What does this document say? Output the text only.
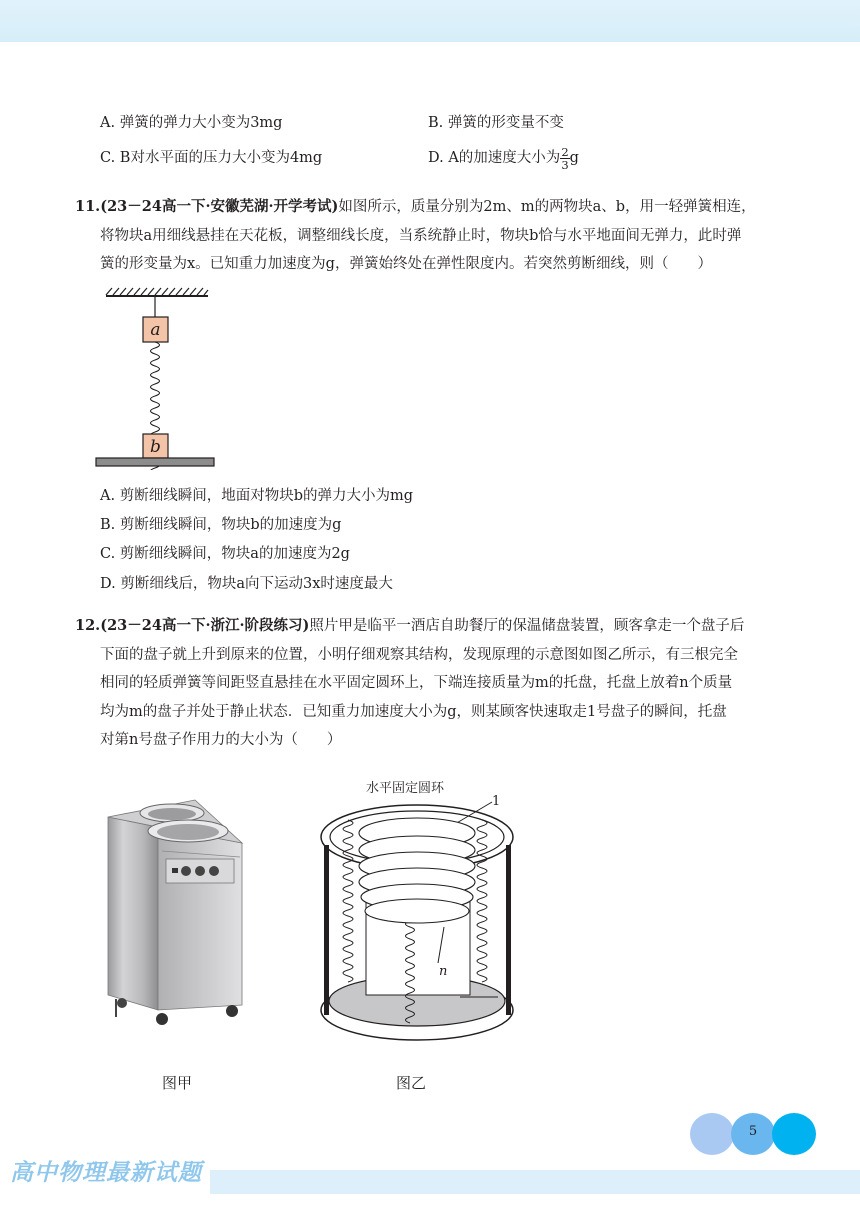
A. 弹簧的弹力大小变为3mg	B. 弹簧的形变量不变
C. B对水平面的压力大小变为4mg	D. A的加速度大小为 $\frac{2}{3}$ g
11.(23－24高一下·安徽芜湖·开学考试)如图所示，质量分别为2m、m的两物块a、b，用一轻弹簧相连，
将物块a用细线悬挂在天花板，调整细线长度，当系统静止时，物块b恰与水平地面间无弹力，此时弹
簧的形变量为x。已知重力加速度为g，弹簧始终处在弹性限度内。若突然剪断细线，则（　　）
a
b
A. 剪断细线瞬间，地面对物块b的弹力大小为mg
B. 剪断细线瞬间，物块b的加速度为g
C. 剪断细线瞬间，物块a的加速度为2g
D. 剪断细线后，物块a向下运动3x时速度最大
12.(23－24高一下·浙江·阶段练习)照片甲是临平一酒店自助餐厅的保温储盘装置，顾客拿走一个盘子后
下面的盘子就上升到原来的位置，小明仔细观察其结构，发现原理的示意图如图乙所示，有三根完全
相同的轻质弹簧等间距竖直悬挂在水平固定圆环上，下端连接质量为m的托盘，托盘上放着n个质量
均为m的盘子并处于静止状态．已知重力加速度大小为g，则某顾客快速取走1号盘子的瞬间，托盘
对第n号盘子作用力的大小为（　　）
水平固定圆环
1
n
图甲	图乙
5
高中物理最新试题
